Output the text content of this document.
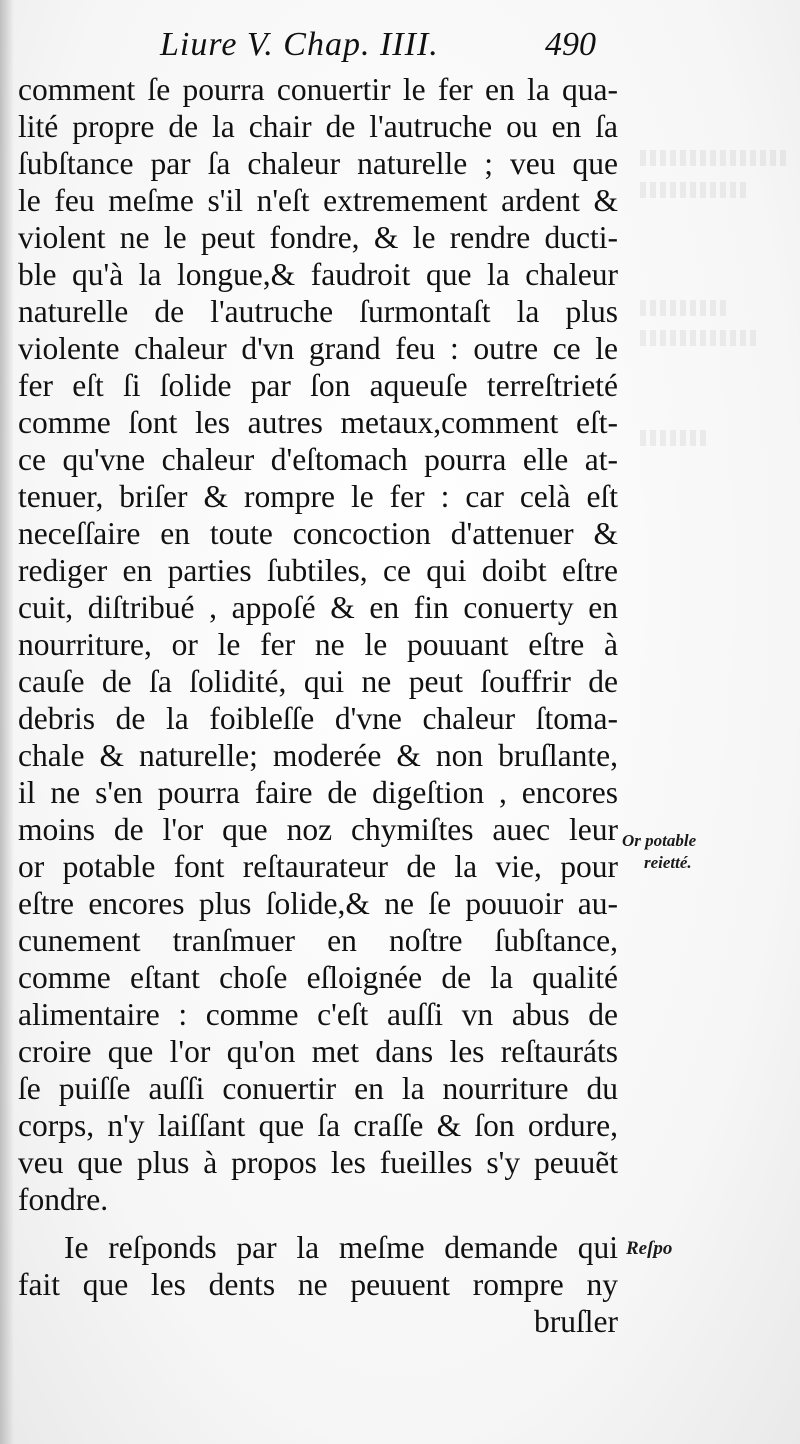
Liure V. Chap. IIII.	490
comment ſe pourra conuertir le fer en la qua-
lité propre de la chair de l'autruche ou en ſa
ſubſtance par ſa chaleur naturelle ; veu que
le feu meſme s'il n'eſt extremement ardent &
violent ne le peut fondre, & le rendre ducti-
ble qu'à la longue,& faudroit que la chaleur
naturelle de l'autruche ſurmontaſt la plus
violente chaleur d'vn grand feu : outre ce le
fer eſt ſi ſolide par ſon aqueuſe terreſtrieté
comme ſont les autres metaux,comment eſt-
ce qu'vne chaleur d'eſtomach pourra elle at-
tenuer, briſer & rompre le fer : car celà eſt
neceſſaire en toute concoction d'attenuer &
rediger en parties ſubtiles, ce qui doibt eſtre
cuit, diſtribué , appoſé & en fin conuerty en
nourriture, or le fer ne le pouuant eſtre à
cauſe de ſa ſolidité, qui ne peut ſouffrir de
debris de la foibleſſe d'vne chaleur ſtoma-
chale & naturelle; moderée & non bruſlante,
il ne s'en pourra faire de digeſtion , encores
moins de l'or que noz chymiſtes auec leur
or potable font reſtaurateur de la vie, pour
eſtre encores plus ſolide,& ne ſe pouuoir au-
cunement tranſmuer en noſtre ſubſtance,
comme eſtant choſe eſloignée de la qualité
alimentaire : comme c'eſt auſſi vn abus de
croire que l'or qu'on met dans les reſtauráts
ſe puiſſe auſſi conuertir en la nourriture du
corps, n'y laiſſant que ſa craſſe & ſon ordure,
veu que plus à propos les fueilles s'y peuuẽt
fondre.
Ie reſponds par la meſme demande qui
fait que les dents ne peuuent rompre ny
bruſler
Or potable
reietté.
Reſpo
